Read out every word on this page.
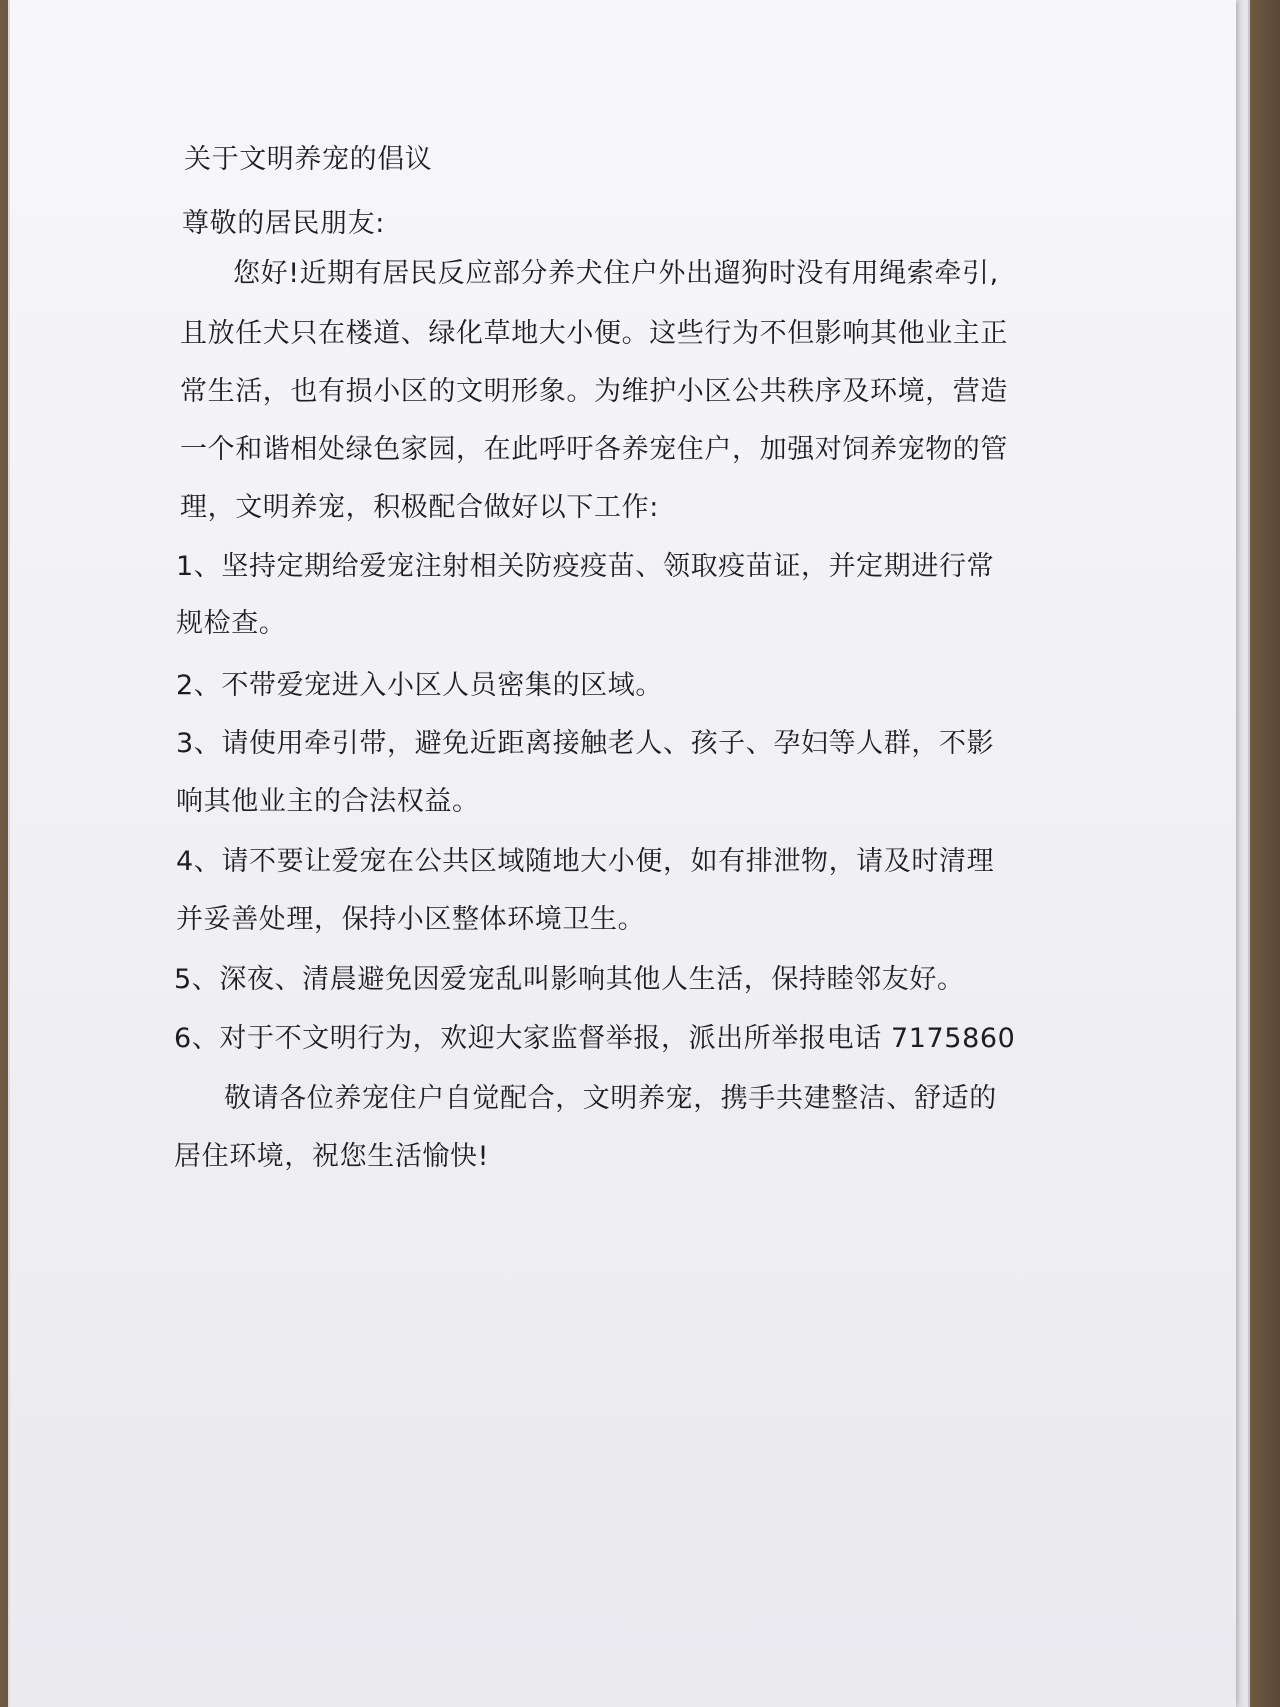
关于文明养宠的倡议
尊敬的居民朋友:
您好!近期有居民反应部分养犬住户外出遛狗时没有用绳索牵引,
且放任犬只在楼道、绿化草地大小便。这些行为不但影响其他业主正
常生活，也有损小区的文明形象。为维护小区公共秩序及环境，营造
一个和谐相处绿色家园，在此呼吁各养宠住户，加强对饲养宠物的管
理，文明养宠，积极配合做好以下工作:
1、坚持定期给爱宠注射相关防疫疫苗、领取疫苗证，并定期进行常
规检查。
2、不带爱宠进入小区人员密集的区域。
3、请使用牵引带，避免近距离接触老人、孩子、孕妇等人群，不影
响其他业主的合法权益。
4、请不要让爱宠在公共区域随地大小便，如有排泄物，请及时清理
并妥善处理，保持小区整体环境卫生。
5、深夜、清晨避免因爱宠乱叫影响其他人生活，保持睦邻友好。
6、对于不文明行为，欢迎大家监督举报，派出所举报电话 7175860
敬请各位养宠住户自觉配合，文明养宠，携手共建整洁、舒适的
居住环境，祝您生活愉快!
